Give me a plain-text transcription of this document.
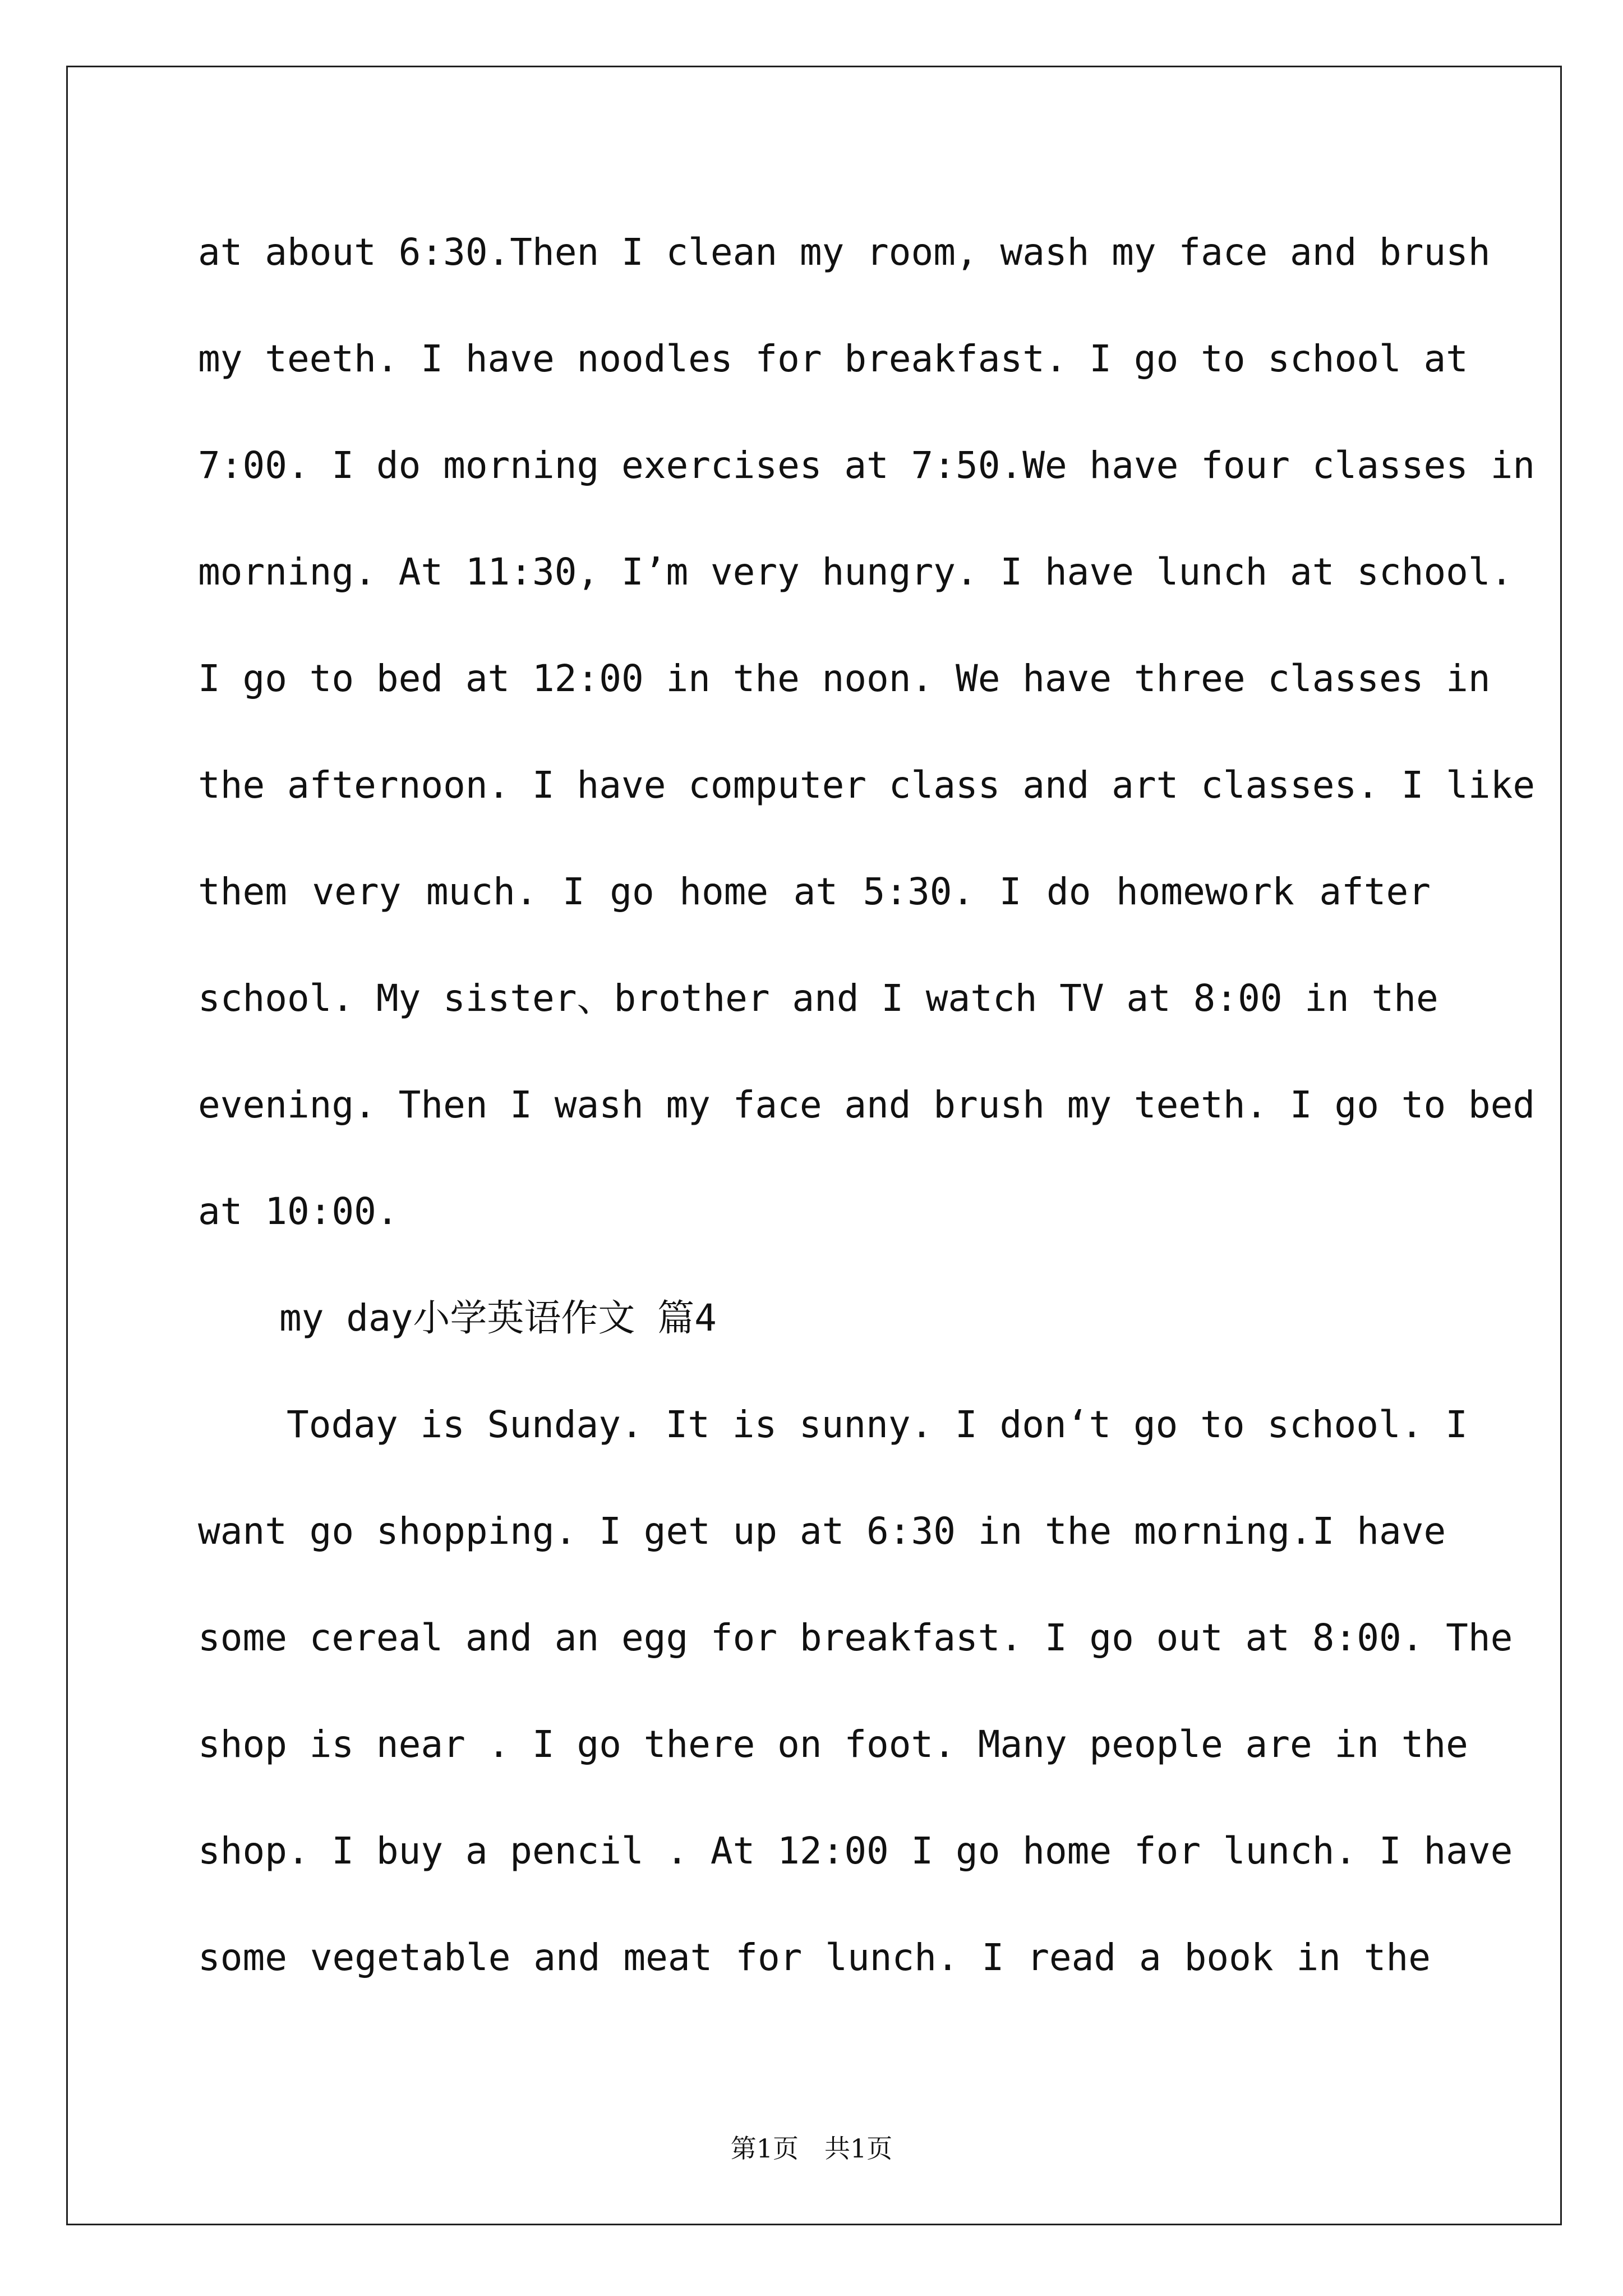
at about 6:30.Then I clean my room, wash my face and brush
my teeth. I have noodles for breakfast. I go to school at
7:00. I do morning exercises at 7:50.We have four classes in
morning. At 11:30, I’m very hungry. I have lunch at school.
I go to bed at 12:00 in the noon. We have three classes in
the afternoon. I have computer class and art classes. I like
them very much. I go home at 5:30. I do homework after
school. My sister、brother and I watch TV at 8:00 in the
evening. Then I wash my face and brush my teeth. I go to bed
at 10:00.
my day小学英语作文 篇4
Today is Sunday. It is sunny. I don‘t go to school. I
want go shopping. I get up at 6:30 in the morning.I have
some cereal and an egg for breakfast. I go out at 8:00. The
shop is near . I go there on foot. Many people are in the
shop. I buy a pencil . At 12:00 I go home for lunch. I have
some vegetable and meat for lunch. I read a book in the
第1页　共1页
